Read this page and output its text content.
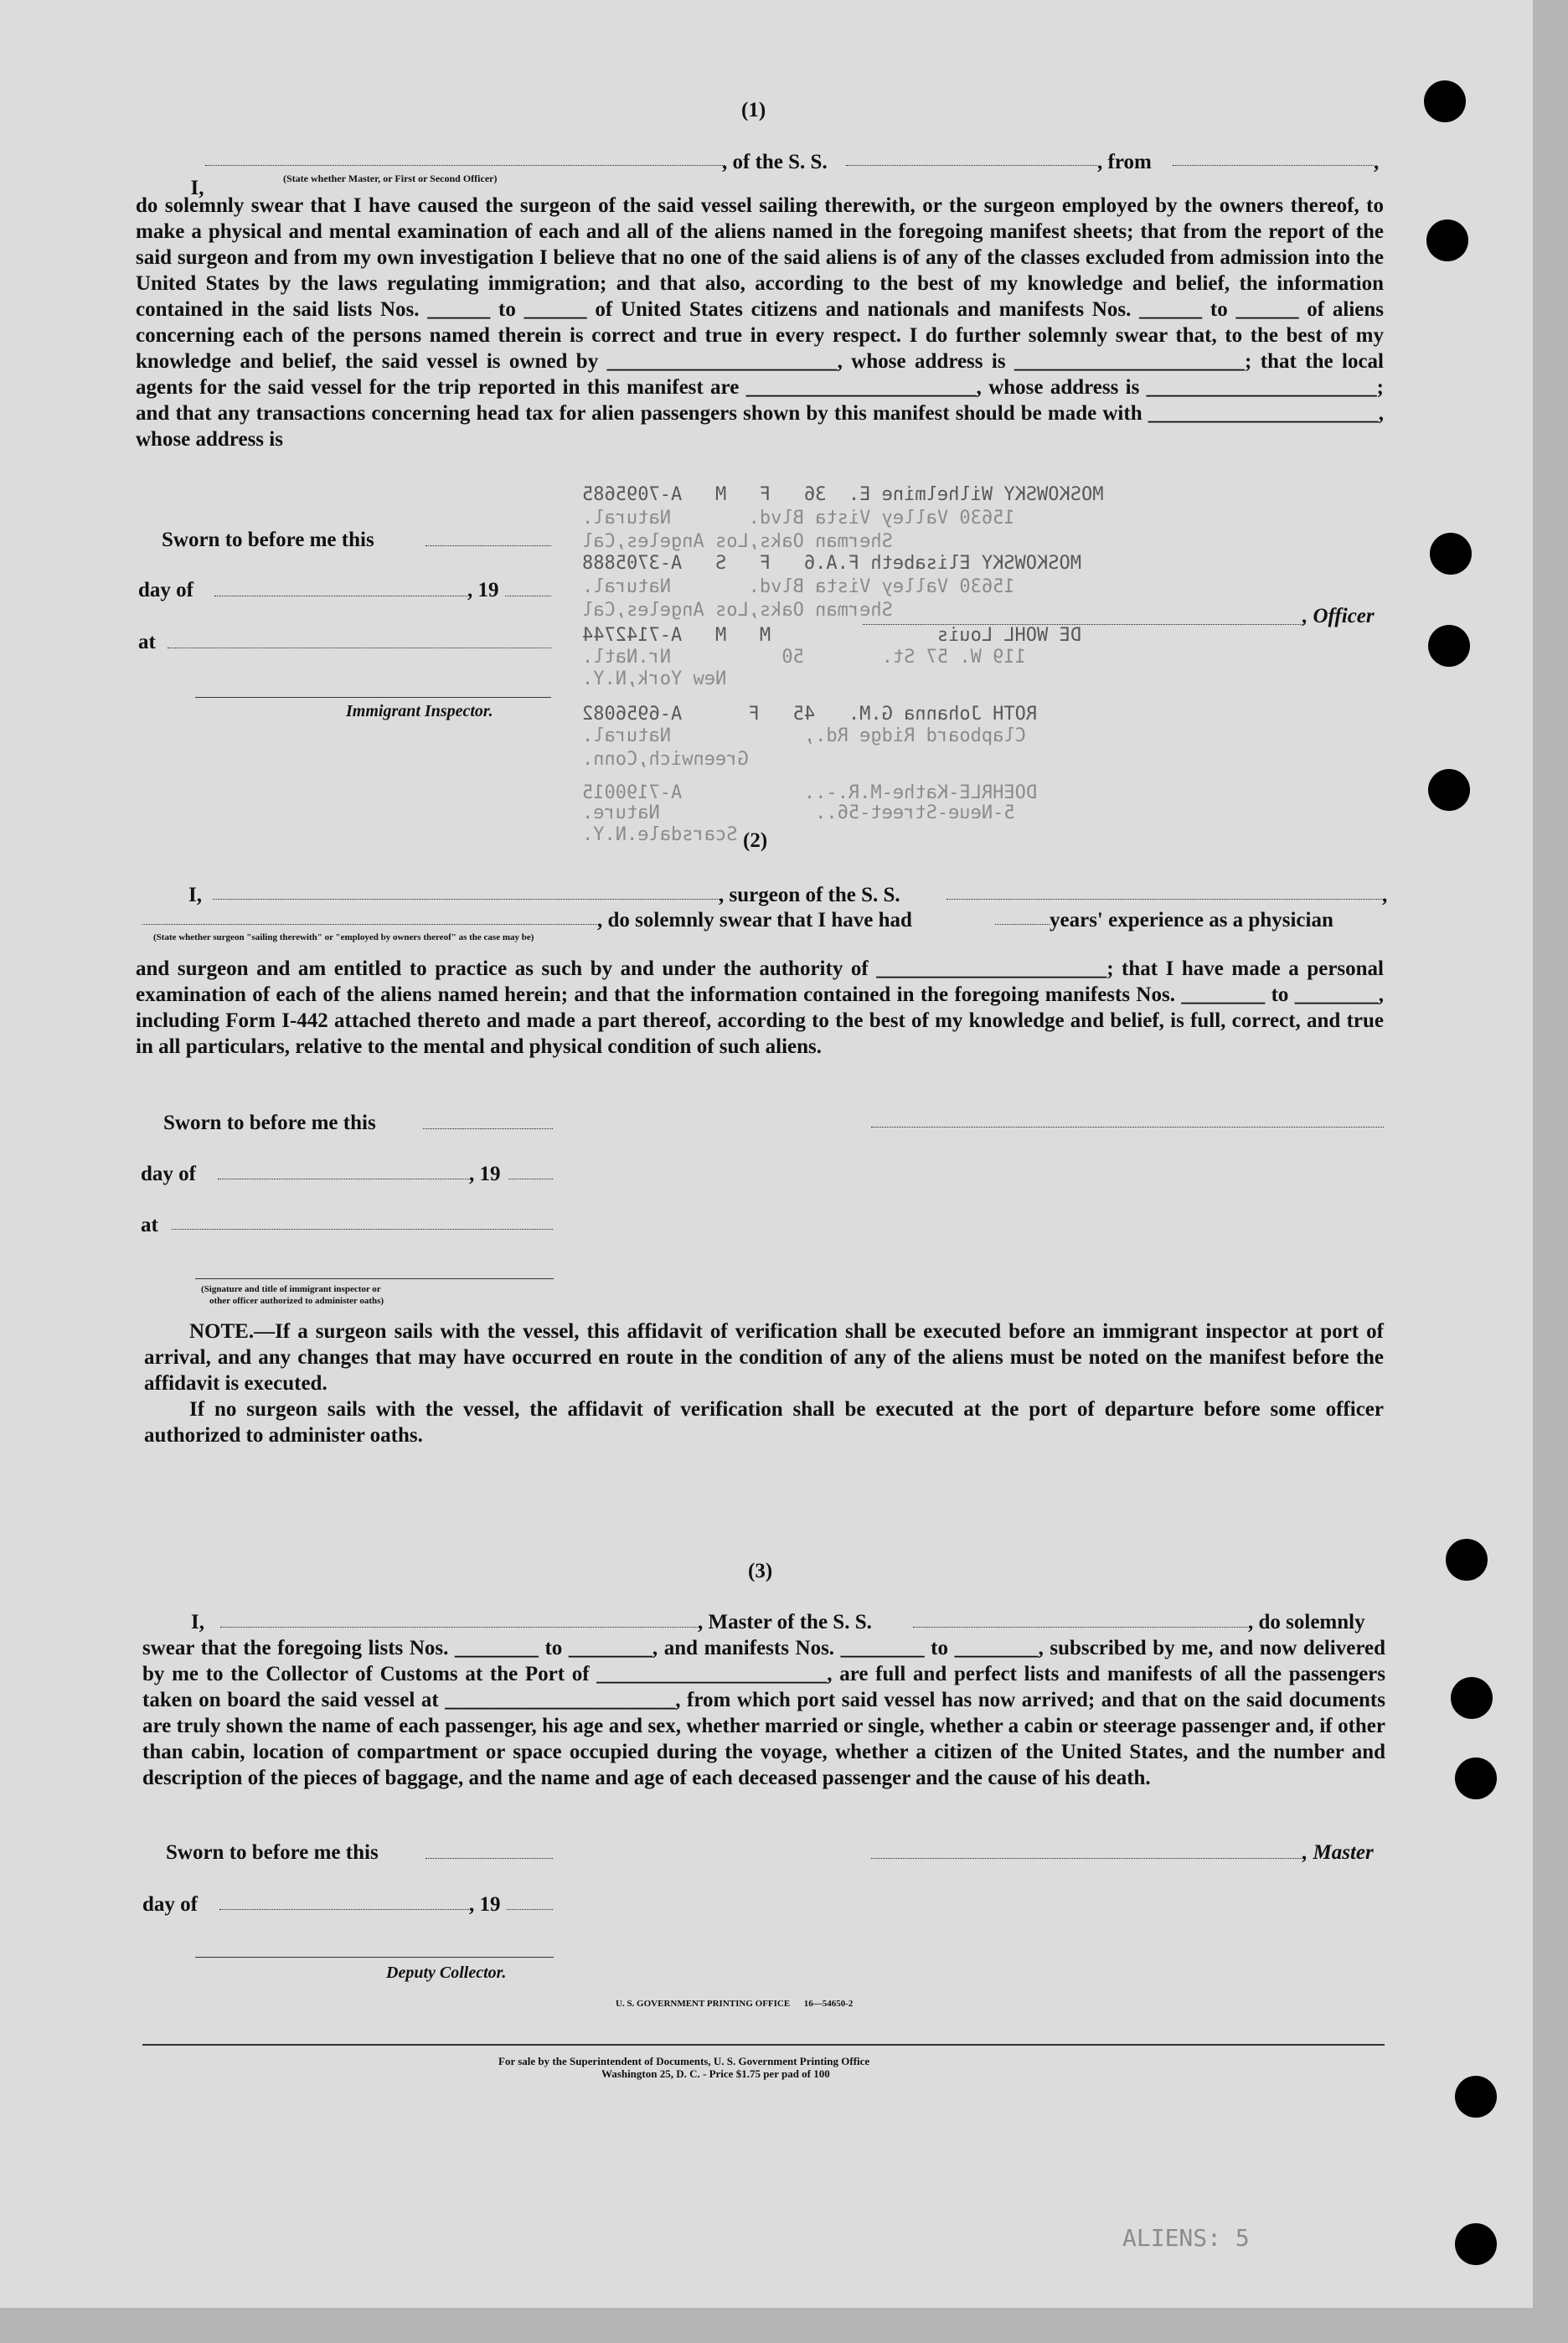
MOSKOWSKY Wilhelmine E.  36   F   M   A-7095685
15630 Valley Vista Blvd.       Natural.
Sherman Oaks,Los Angeles,Cal
MOSKOWSKY Elisabeth F.A.6   F   S   A-3705888
15630 Valley Vista Blvd.       Natural.
Sherman Oaks,Los Angeles,Cal
DE WOHL Louis               M   M   A-7142744
119 W. 57 St.       50          Nr.Natl.
New York,N.Y.
ROTH Johanna G.M.   45   F      A-6956082
Clapboard Ridge Rd.,            Natural.
Greenwich,Conn.
DOEHRLE-Kathe-M.R.-..           A-7190015
5-Neue-Street-56..              Nature.
Scarsdale.N.Y.
ALIENS: 5
(1)

I,

, of the S. S.	, from	,
(State whether Master, or First or Second Officer)
do solemnly swear that I have caused the surgeon of the said vessel sailing therewith, or the surgeon employed by the owners thereof, to make a physical and mental examination of each and all of the aliens named in the foregoing manifest sheets; that from the report of the said surgeon and from my own investigation I believe that no one of the said aliens is of any of the classes excluded from admission into the United States by the laws regulating immigration; and that also, according to the best of my knowledge and belief, the information contained in the said lists Nos. ______ to ______ of United States citizens and nationals and manifests Nos. ______ to ______ of aliens concerning each of the persons named therein is correct and true in every respect. I do further solemnly swear that, to the best of my knowledge and belief, the said vessel is owned by ______________________, whose address is ______________________; that the local agents for the said vessel for the trip reported in this manifest are ______________________, whose address is ______________________; and that any transactions concerning head tax for alien passengers shown by this manifest should be made with ______________________, whose address is
Sworn to before me this
day of	, 19
at
, Officer
Immigrant Inspector.
(2)
I,	, surgeon of the S. S.	,
, do solemnly swear that I have had	years' experience as a physician
(State whether surgeon "sailing therewith" or "employed by owners thereof" as the case may be)
and surgeon and am entitled to practice as such by and under the authority of ______________________; that I have made a personal examination of each of the aliens named herein; and that the information contained in the foregoing manifests Nos. ________ to ________, including Form I-442 attached thereto and made a part thereof, according to the best of my knowledge and belief, is full, correct, and true in all particulars, relative to the mental and physical condition of such aliens.
Sworn to before me this
day of	, 19
at
(Signature and title of immigrant inspector or
other officer authorized to administer oaths)
NOTE.—If a surgeon sails with the vessel, this affidavit of verification shall be executed before an immigrant inspector at port of arrival, and any changes that may have occurred en route in the condition of any of the aliens must be noted on the manifest before the affidavit is executed.
If no surgeon sails with the vessel, the affidavit of verification shall be executed at the port of departure before some officer authorized to administer oaths.
(3)
I,	, Master of the S. S.	, do solemnly
swear that the foregoing lists Nos. ________ to ________, and manifests Nos. ________ to ________, subscribed by me, and now delivered by me to the Collector of Customs at the Port of ______________________, are full and perfect lists and manifests of all the passengers taken on board the said vessel at ______________________, from which port said vessel has now arrived; and that on the said documents are truly shown the name of each passenger, his age and sex, whether married or single, whether a cabin or steerage passenger and, if other than cabin, location of compartment or space occupied during the voyage, whether a citizen of the United States, and the number and description of the pieces of baggage, and the name and age of each deceased passenger and the cause of his death.
Sworn to before me this	, Master
day of	, 19
Deputy Collector.
U. S. GOVERNMENT PRINTING OFFICE      16—54650-2
For sale by the Superintendent of Documents, U. S. Government Printing Office
Washington 25, D. C. - Price $1.75 per pad of 100
